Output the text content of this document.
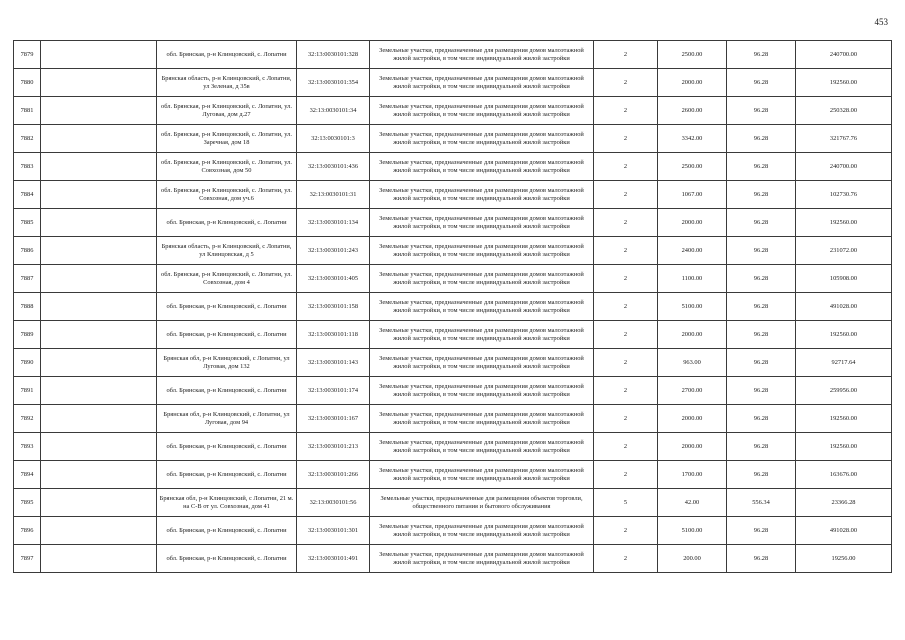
453
7879		обл. Брянская, р-н Клинцовский, с. Лопатни	32:13:0030101:328	Земельные участки, предназначенные для размещения домов малоэтажной жилой застройки, в том числе индивидуальной жилой застройки	2	2500.00	96.28	240700.00
7880		Брянская область, р-н Клинцовский, с Лопатни, ул Зеленая, д 35в	32:13:0030101:354	Земельные участки, предназначенные для размещения домов малоэтажной жилой застройки, в том числе индивидуальной жилой застройки	2	2000.00	96.28	192560.00
7881		обл. Брянская, р-н Клинцовский, с. Лопатни, ул. Луговая, дом д.27	32:13:0030101:34	Земельные участки, предназначенные для размещения домов малоэтажной жилой застройки, в том числе индивидуальной жилой застройки	2	2600.00	96.28	250328.00
7882		обл. Брянская, р-н Клинцовский, с. Лопатни, ул. Заречная, дом 18	32:13:0030101:3	Земельные участки, предназначенные для размещения домов малоэтажной жилой застройки, в том числе индивидуальной жилой застройки	2	3342.00	96.28	321767.76
7883		обл. Брянская, р-н Клинцовский, с. Лопатни, ул. Совхозная, дом 50	32:13:0030101:436	Земельные участки, предназначенные для размещения домов малоэтажной жилой застройки, в том числе индивидуальной жилой застройки	2	2500.00	96.28	240700.00
7884		обл. Брянская, р-н Клинцовский, с. Лопатни, ул. Совхозная, дом уч.6	32:13:0030101:31	Земельные участки, предназначенные для размещения домов малоэтажной жилой застройки, в том числе индивидуальной жилой застройки	2	1067.00	96.28	102730.76
7885		обл. Брянская, р-н Клинцовский, с. Лопатни	32:13:0030101:134	Земельные участки, предназначенные для размещения домов малоэтажной жилой застройки, в том числе индивидуальной жилой застройки	2	2000.00	96.28	192560.00
7886		Брянская область, р-н Клинцовский, с Лопатни, ул Клинцовская, д 5	32:13:0030101:243	Земельные участки, предназначенные для размещения домов малоэтажной жилой застройки, в том числе индивидуальной жилой застройки	2	2400.00	96.28	231072.00
7887		обл. Брянская, р-н Клинцовский, с. Лопатни, ул. Совхозная, дом 4	32:13:0030101:405	Земельные участки, предназначенные для размещения домов малоэтажной жилой застройки, в том числе индивидуальной жилой застройки	2	1100.00	96.28	105908.00
7888		обл. Брянская, р-н Клинцовский, с. Лопатни	32:13:0030101:158	Земельные участки, предназначенные для размещения домов малоэтажной жилой застройки, в том числе индивидуальной жилой застройки	2	5100.00	96.28	491028.00
7889		обл. Брянская, р-н Клинцовский, с. Лопатни	32:13:0030101:118	Земельные участки, предназначенные для размещения домов малоэтажной жилой застройки, в том числе индивидуальной жилой застройки	2	2000.00	96.28	192560.00
7890		Брянская обл, р-н Клинцовский, с Лопатни, ул Луговая, дом 132	32:13:0030101:143	Земельные участки, предназначенные для размещения домов малоэтажной жилой застройки, в том числе индивидуальной жилой застройки	2	963.00	96.28	92717.64
7891		обл. Брянская, р-н Клинцовский, с. Лопатни	32:13:0030101:174	Земельные участки, предназначенные для размещения домов малоэтажной жилой застройки, в том числе индивидуальной жилой застройки	2	2700.00	96.28	259956.00
7892		Брянская обл, р-н Клинцовский, с Лопатни, ул Луговая, дом 94	32:13:0030101:167	Земельные участки, предназначенные для размещения домов малоэтажной жилой застройки, в том числе индивидуальной жилой застройки	2	2000.00	96.28	192560.00
7893		обл. Брянская, р-н Клинцовский, с. Лопатни	32:13:0030101:213	Земельные участки, предназначенные для размещения домов малоэтажной жилой застройки, в том числе индивидуальной жилой застройки	2	2000.00	96.28	192560.00
7894		обл. Брянская, р-н Клинцовский, с. Лопатни	32:13:0030101:266	Земельные участки, предназначенные для размещения домов малоэтажной жилой застройки, в том числе индивидуальной жилой застройки	2	1700.00	96.28	163676.00
7895		Брянская обл, р-н Клинцовский, с Лопатни, 21 м. на С-В от ул. Совхозная, дом 41	32:13:0030101:56	Земельные участки, предназначенные для размещения объектов торговли, общественного питания и бытового обслуживания	5	42.00	556.34	23366.28
7896		обл. Брянская, р-н Клинцовский, с. Лопатни	32:13:0030101:301	Земельные участки, предназначенные для размещения домов малоэтажной жилой застройки, в том числе индивидуальной жилой застройки	2	5100.00	96.28	491028.00
7897		обл. Брянская, р-н Клинцовский, с. Лопатни	32:13:0030101:491	Земельные участки, предназначенные для размещения домов малоэтажной жилой застройки, в том числе индивидуальной жилой застройки	2	200.00	96.28	19256.00
